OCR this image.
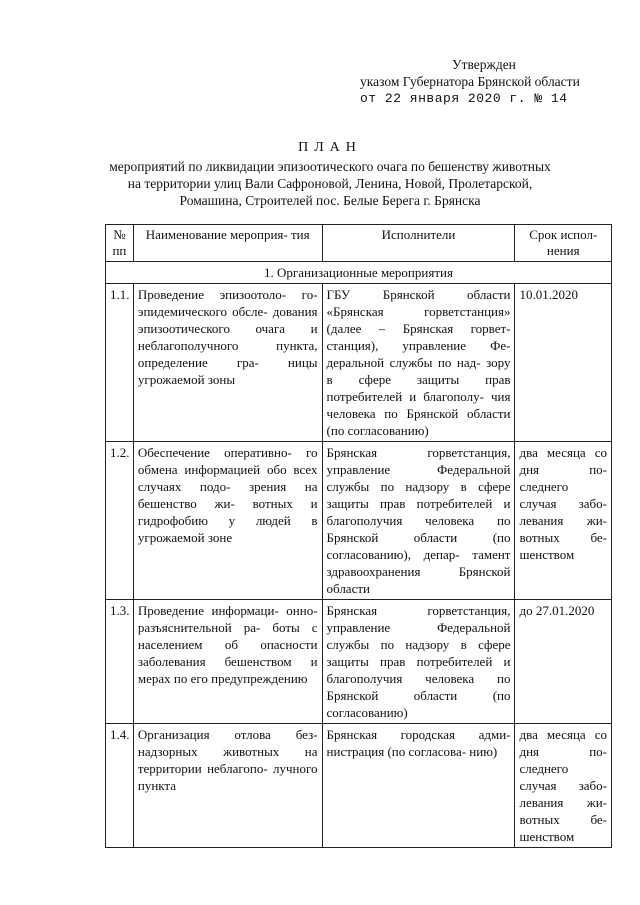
Утвержден
указом Губернатора Брянской области
от 22 января 2020 г. № 14
ПЛАН
мероприятий по ликвидации эпизоотического очага по бешенству животных
на территории улиц Вали Сафроновой, Ленина, Новой, Пролетарской,
Ромашина, Строителей пос. Белые Берега г. Брянска
№ пп	Наименование мероприя- тия	Исполнители	Срок испол- нения
1. Организационные мероприятия			
1.1.	Проведение эпизоотоло- го-эпидемического обсле- дования эпизоотического очага и неблагополучного пункта, определение гра- ницы угрожаемой зоны	ГБУ Брянской области «Брянская горветстанция» (далее – Брянская горвет- станция), управление Фе- деральной службы по над- зору в сфере защиты прав потребителей и благополу- чия человека по Брянской области (по согласованию)	10.01.2020
1.2.	Обеспечение оперативно- го обмена информацией обо всех случаях подо- зрения на бешенство жи- вотных и гидрофобию у людей в угрожаемой зоне	Брянская горветстанция, управление Федеральной службы по надзору в сфере защиты прав потребителей и благополучия человека по Брянской области (по согласованию), депар- тамент здравоохранения Брянской области	два месяца со дня по- следнего случая забо- левания жи- вотных бе- шенством
1.3.	Проведение информаци- онно-разъяснительной ра- боты с населением об опасности заболевания бешенством и мерах по его предупреждению	Брянская горветстанция, управление Федеральной службы по надзору в сфере защиты прав потребителей и благополучия человека по Брянской области (по согласованию)	до 27.01.2020
1.4.	Организация отлова без- надзорных животных на территории неблагопо- лучного пункта	Брянская городская адми- нистрация (по согласова- нию)	два месяца со дня по- следнего случая забо- левания жи- вотных бе- шенством
